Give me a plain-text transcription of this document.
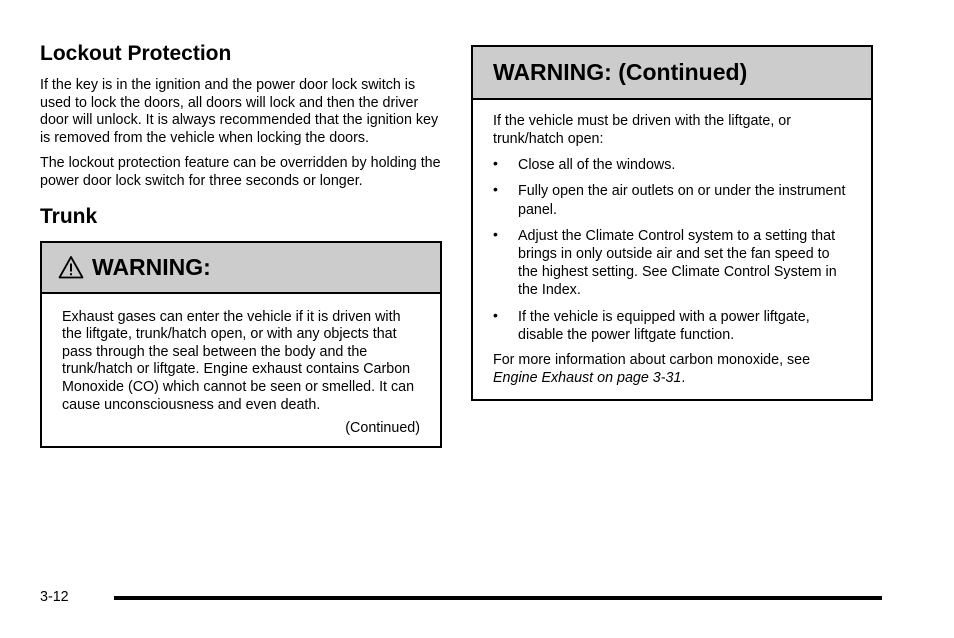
Lockout Protection

If the key is in the ignition and the power door lock switch is used to lock the doors, all doors will lock and then the driver door will unlock. It is always recommended that the ignition key is removed from the vehicle when locking the doors.

The lockout protection feature can be overridden by holding the power door lock switch for three seconds or longer.

Trunk
WARNING:

Exhaust gases can enter the vehicle if it is driven with the liftgate, trunk/hatch open, or with any objects that pass through the seal between the body and the trunk/hatch or liftgate. Engine exhaust contains Carbon Monoxide (CO) which cannot be seen or smelled. It can cause unconsciousness and even death.

(Continued)
WARNING: (Continued)

If the vehicle must be driven with the liftgate, or trunk/hatch open:

• Close all of the windows.
• Fully open the air outlets on or under the instrument panel.
• Adjust the Climate Control system to a setting that brings in only outside air and set the fan speed to the highest setting. See Climate Control System in the Index.
• If the vehicle is equipped with a power liftgate, disable the power liftgate function.

For more information about carbon monoxide, see Engine Exhaust on page 3-31.

3-12
